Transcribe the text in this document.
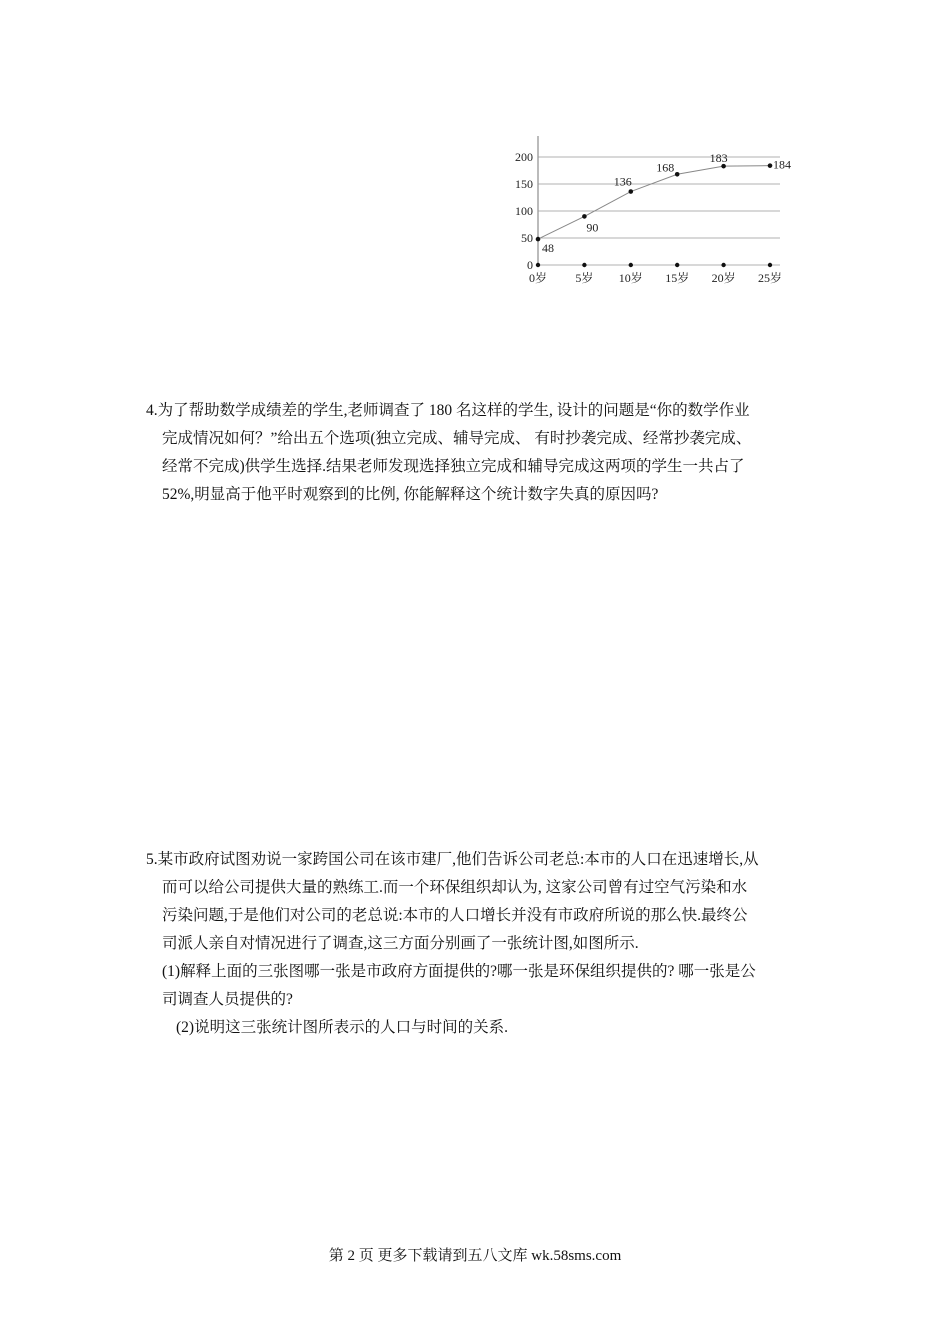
0
50
100
150
200
0岁 5岁 10岁 15岁 20岁 25岁
48
90
136
168
183	184
4.为了帮助数学成绩差的学生,老师调查了 180 名这样的学生, 设计的问题是“你的数学作业
完成情况如何？”给出五个选项(独立完成、辅导完成、 有时抄袭完成、经常抄袭完成、
经常不完成)供学生选择.结果老师发现选择独立完成和辅导完成这两项的学生一共占了
52%,明显高于他平时观察到的比例, 你能解释这个统计数字失真的原因吗?
5.某市政府试图劝说一家跨国公司在该市建厂,他们告诉公司老总:本市的人口在迅速增长,从
而可以给公司提供大量的熟练工.而一个环保组织却认为, 这家公司曾有过空气污染和水
污染问题,于是他们对公司的老总说:本市的人口增长并没有市政府所说的那么快.最终公
司派人亲自对情况进行了调查,这三方面分别画了一张统计图,如图所示.
(1)解释上面的三张图哪一张是市政府方面提供的?哪一张是环保组织提供的? 哪一张是公
司调查人员提供的?
(2)说明这三张统计图所表示的人口与时间的关系.
第 2 页 更多下载请到五八文库 wk.58sms.com
